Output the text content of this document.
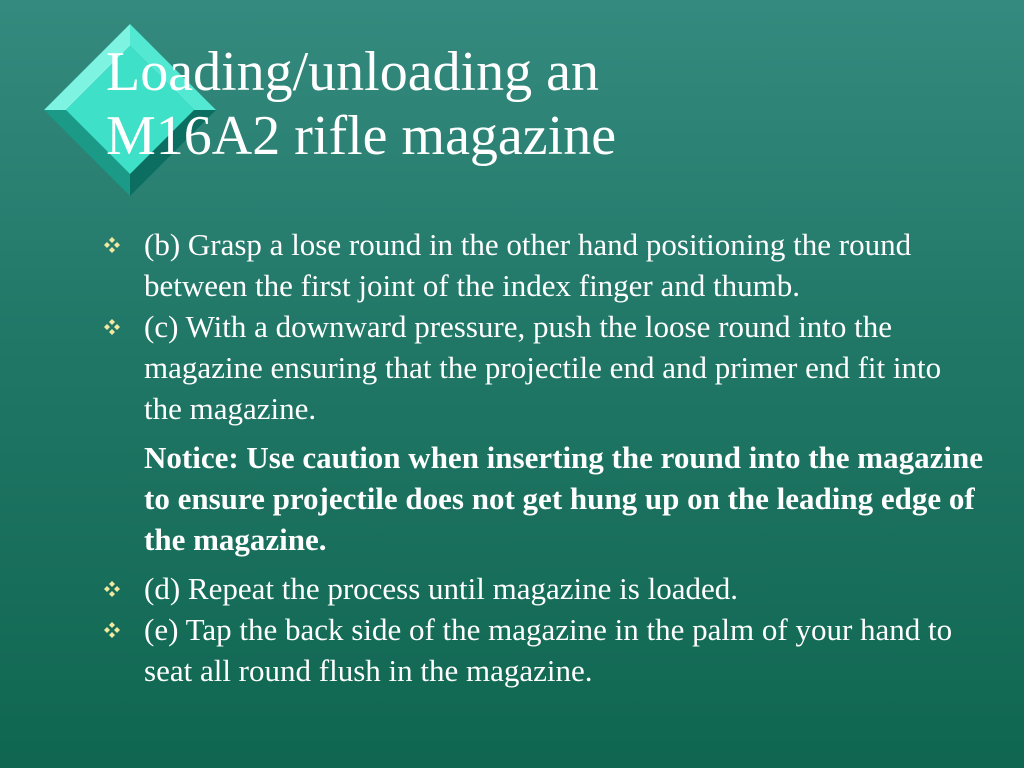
Loading/unloading an
M16A2 rifle magazine
(b) Grasp a lose round in the other hand positioning the round between the first joint of the index finger and thumb.
(c) With a downward pressure, push the loose round into the magazine ensuring that the projectile end and primer end fit into the magazine.
Notice: Use caution when inserting the round into the magazine to ensure projectile does not get hung up on the leading edge of the magazine.
(d) Repeat the process until magazine is loaded.
(e) Tap the back side of the magazine in the palm of your hand to seat all round flush in the magazine.
